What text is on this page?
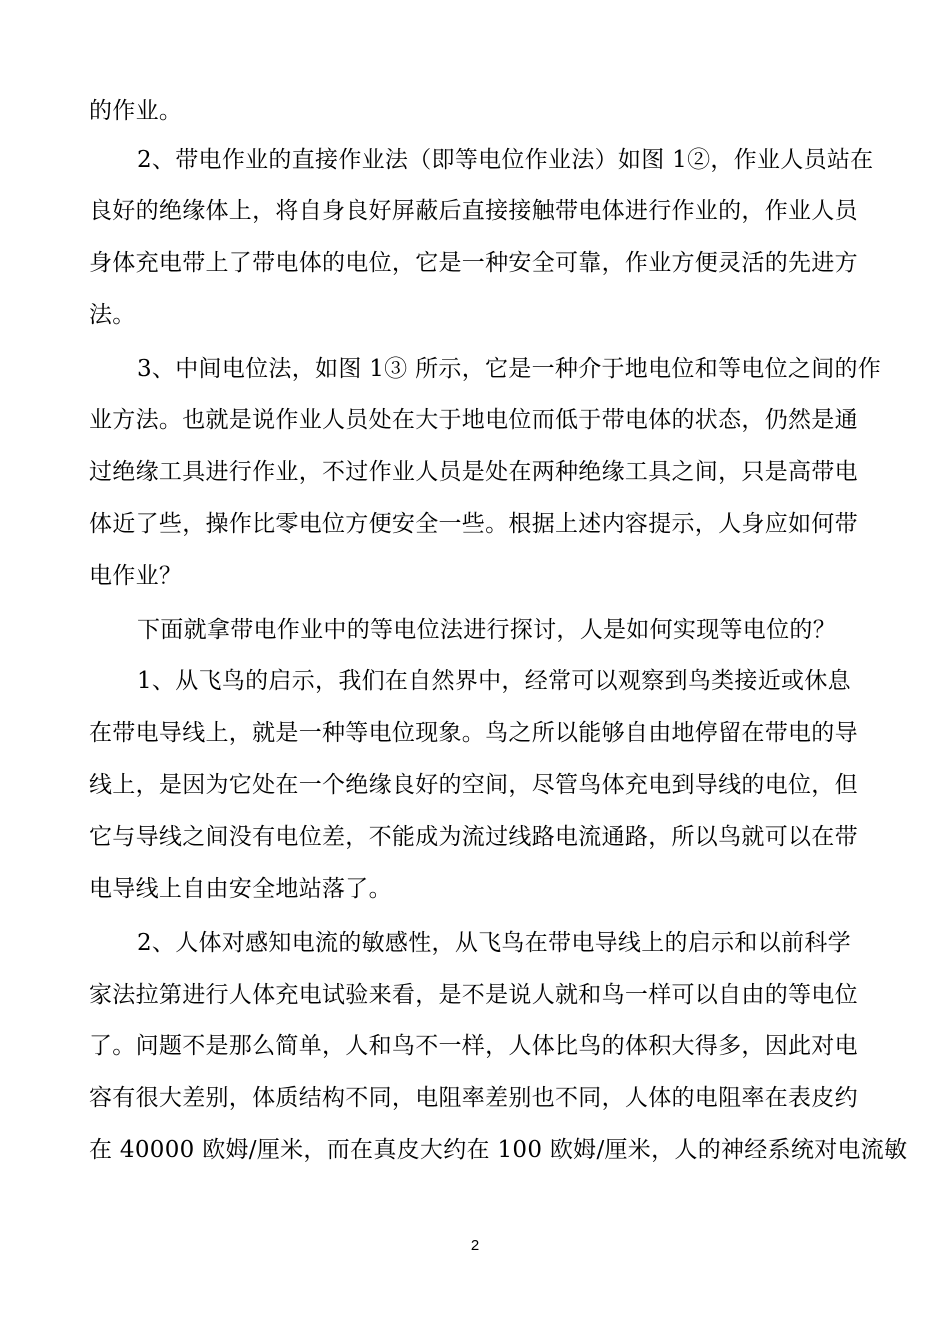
的作业。
2、带电作业的直接作业法（即等电位作业法）如图 1②，作业人员站在
良好的绝缘体上，将自身良好屏蔽后直接接触带电体进行作业的，作业人员
身体充电带上了带电体的电位，它是一种安全可靠，作业方便灵活的先进方
法。
3、中间电位法，如图 1③ 所示，它是一种介于地电位和等电位之间的作
业方法。也就是说作业人员处在大于地电位而低于带电体的状态，仍然是通
过绝缘工具进行作业，不过作业人员是处在两种绝缘工具之间，只是高带电
体近了些，操作比零电位方便安全一些。根据上述内容提示，人身应如何带
电作业？
下面就拿带电作业中的等电位法进行探讨，人是如何实现等电位的？
1、从飞鸟的启示，我们在自然界中，经常可以观察到鸟类接近或休息
在带电导线上，就是一种等电位现象。鸟之所以能够自由地停留在带电的导
线上，是因为它处在一个绝缘良好的空间，尽管鸟体充电到导线的电位，但
它与导线之间没有电位差，不能成为流过线路电流通路，所以鸟就可以在带
电导线上自由安全地站落了。
2、人体对感知电流的敏感性，从飞鸟在带电导线上的启示和以前科学
家法拉第进行人体充电试验来看，是不是说人就和鸟一样可以自由的等电位
了。问题不是那么简单，人和鸟不一样，人体比鸟的体积大得多，因此对电
容有很大差别，体质结构不同，电阻率差别也不同，人体的电阻率在表皮约
在 40000 欧姆/厘米，而在真皮大约在 100 欧姆/厘米，人的神经系统对电流敏
2
